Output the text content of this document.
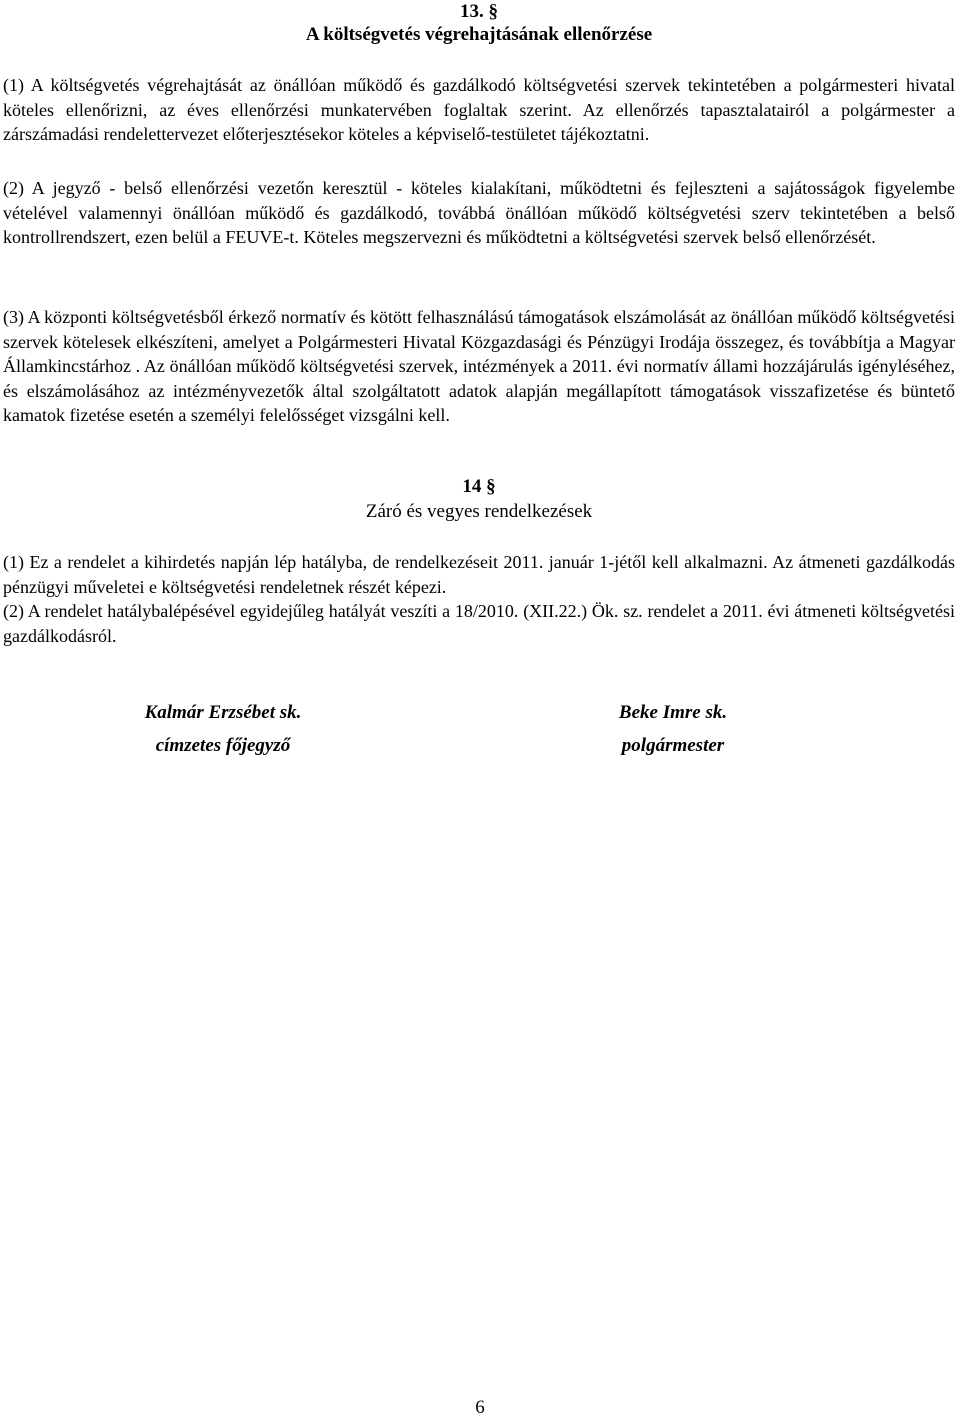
13. §
A költségvetés végrehajtásának ellenőrzése

(1) A költségvetés végrehajtását az önállóan működő és gazdálkodó költségvetési szervek tekintetében a polgármesteri hivatal köteles ellenőrizni, az éves ellenőrzési munkatervében foglaltak szerint. Az ellenőrzés tapasztalatairól a polgármester a zárszámadási rendelettervezet előterjesztésekor köteles a képviselő-testületet tájékoztatni.

(2) A jegyző - belső ellenőrzési vezetőn keresztül - köteles kialakítani, működtetni és fejleszteni a sajátosságok figyelembe vételével valamennyi önállóan működő és gazdálkodó, továbbá önállóan működő költségvetési szerv tekintetében a belső kontrollrendszert, ezen belül a FEUVE-t. Köteles megszervezni és működtetni a költségvetési szervek belső ellenőrzését.

(3) A központi költségvetésből érkező normatív és kötött felhasználású támogatások elszámolását az önállóan működő költségvetési szervek kötelesek elkészíteni, amelyet a Polgármesteri Hivatal Közgazdasági és Pénzügyi Irodája összegez, és továbbítja a Magyar Államkincstárhoz . Az önállóan működő költségvetési szervek, intézmények a 2011. évi normatív állami hozzájárulás igényléséhez, és elszámolásához az intézményvezetők által szolgáltatott adatok alapján megállapított támogatások visszafizetése és büntető kamatok fizetése esetén a személyi felelősséget vizsgálni kell.

14 §
Záró és vegyes rendelkezések

(1) Ez a rendelet a kihirdetés napján lép hatályba, de rendelkezéseit 2011. január 1-jétől kell alkalmazni. Az átmeneti gazdálkodás pénzügyi műveletei e költségvetési rendeletnek részét képezi.

(2) A rendelet hatálybalépésével egyidejűleg hatályát veszíti a 18/2010. (XII.22.) Ök. sz. rendelet a 2011. évi átmeneti költségvetési gazdálkodásról.

Kalmár Erzsébet sk.
címzetes főjegyző
Beke Imre sk.
polgármester
6
